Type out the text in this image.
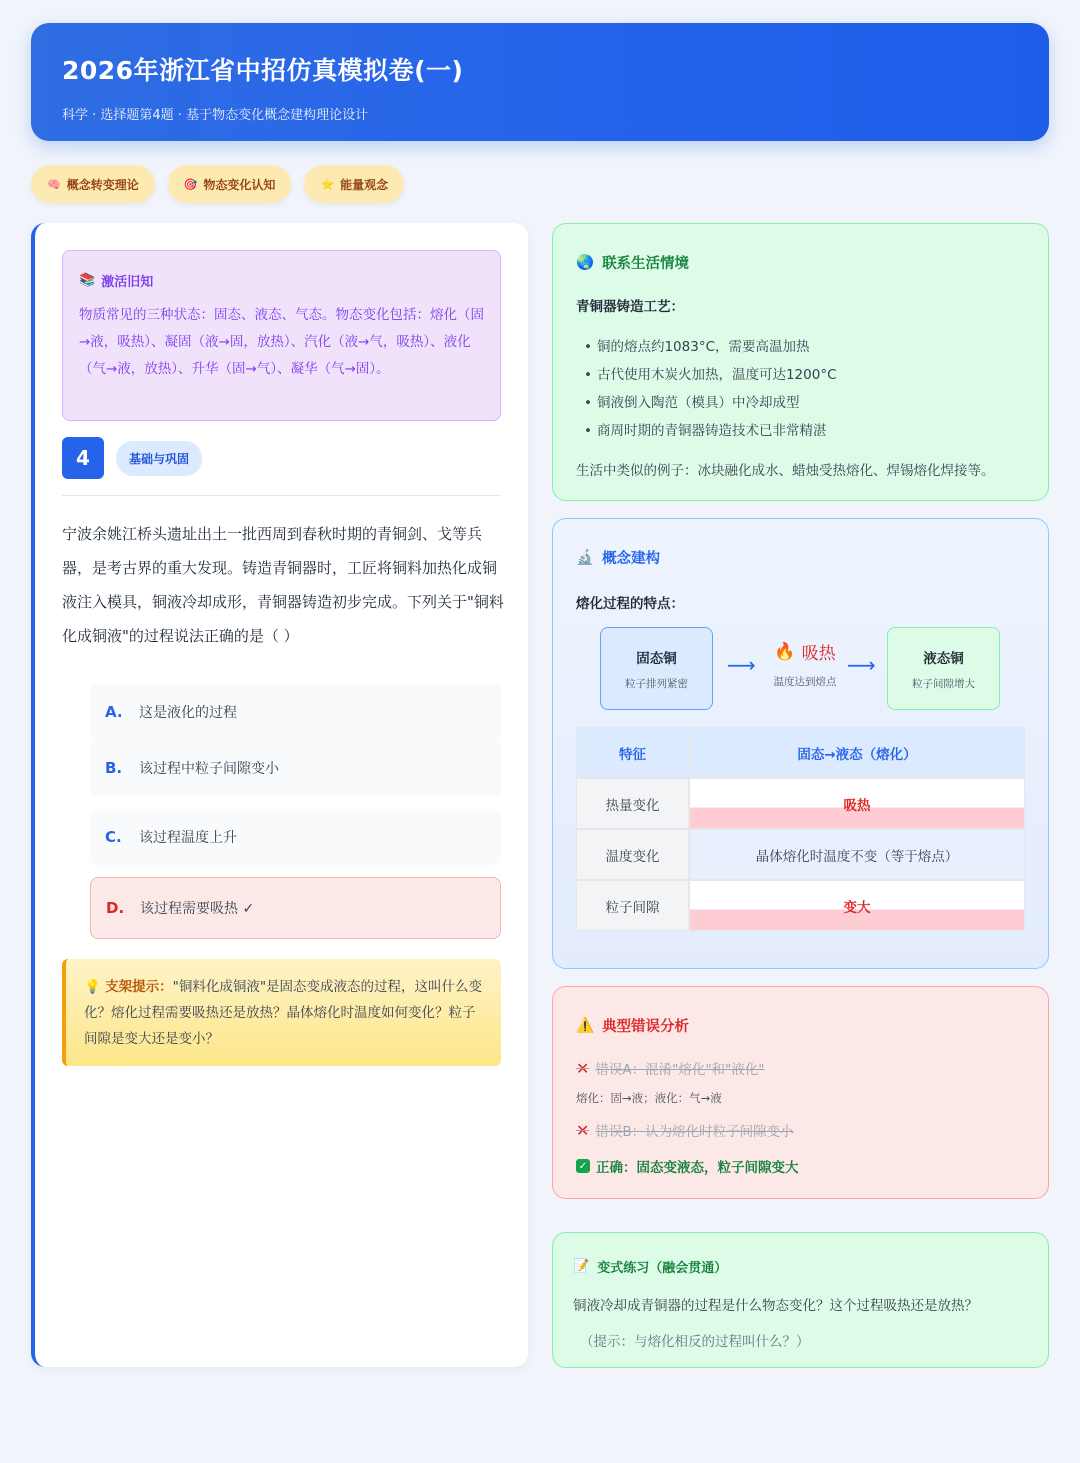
2026年浙江省中招仿真模拟卷(一)
科学 · 选择题第4题 · 基于物态变化概念建构理论设计
🧠 概念转变理论	🎯 物态变化认知	⭐ 能量观念
📚 激活旧知
物质常见的三种状态：固态、液态、气态。物态变化包括：熔化（固→液，吸热）、凝固（液→固，放热）、汽化（液→气，吸热）、液化（气→液，放热）、升华（固→气）、凝华（气→固）。
4	基础与巩固
宁波余姚江桥头遗址出土一批西周到春秋时期的青铜剑、戈等兵器，是考古界的重大发现。铸造青铜器时，工匠将铜料加热化成铜液注入模具，铜液冷却成形，青铜器铸造初步完成。下列关于"铜料化成铜液"的过程说法正确的是（ ）
A.	这是液化的过程
B.	该过程中粒子间隙变小
C.	该过程温度上升
D.	该过程需要吸热 ✓
💡 支架提示："铜料化成铜液"是固态变成液态的过程，这叫什么变化？熔化过程需要吸热还是放热？晶体熔化时温度如何变化？粒子间隙是变大还是变小？
🌏 联系生活情境
青铜器铸造工艺：
• 铜的熔点约1083°C，需要高温加热
• 古代使用木炭火加热，温度可达1200°C
• 铜液倒入陶范（模具）中冷却成型
• 商周时期的青铜器铸造技术已非常精湛
生活中类似的例子：冰块融化成水、蜡烛受热熔化、焊锡熔化焊接等。
🔬 概念建构
熔化过程的特点：
固态铜
粒子排列紧密
⟶
🔥 吸热
温度达到熔点
⟶	液态铜
粒子间隙增大
特征	固态→液态（熔化）
热量变化	吸热
温度变化	晶体熔化时温度不变（等于熔点）
粒子间隙	变大
⚠️ 典型错误分析
✕ 错误A：混淆"熔化"和"液化"
熔化：固→液；液化：气→液
✕ 错误B：认为熔化时粒子间隙变小
✓ 正确：固态变液态，粒子间隙变大
📝 变式练习（融会贯通）
铜液冷却成青铜器的过程是什么物态变化？这个过程吸热还是放热？
（提示：与熔化相反的过程叫什么？）
